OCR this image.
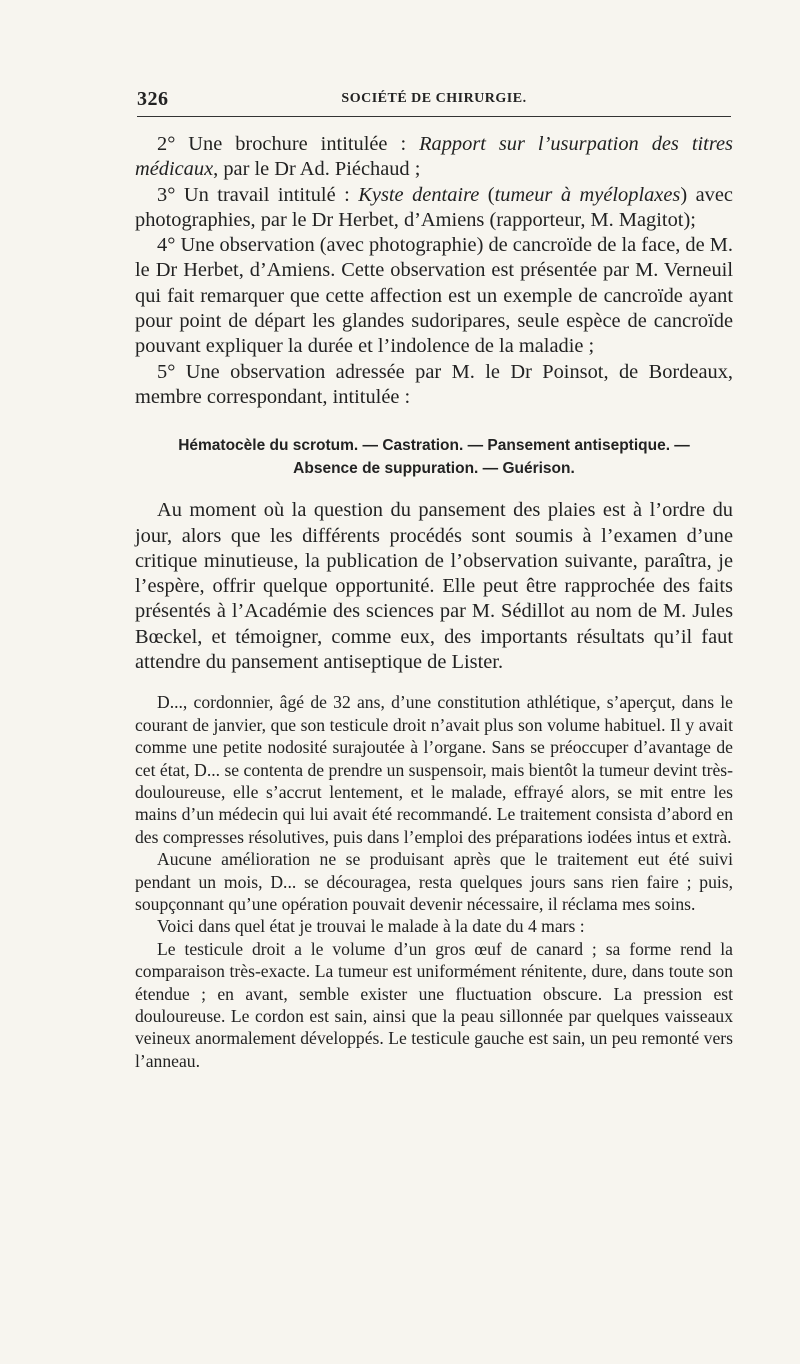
326	SOCIÉTÉ DE CHIRURGIE.

2° Une brochure intitulée : Rapport sur l’usurpation des titres médicaux, par le Dr Ad. Piéchaud ;

3° Un travail intitulé : Kyste dentaire (tumeur à myéloplaxes) avec photographies, par le Dr Herbet, d’Amiens (rapporteur, M. Magitot);

4° Une observation (avec photographie) de cancroïde de la face, de M. le Dr Herbet, d’Amiens. Cette observation est présentée par M. Verneuil qui fait remarquer que cette affection est un exemple de cancroïde ayant pour point de départ les glandes sudoripares, seule espèce de cancroïde pouvant expliquer la durée et l’indolence de la maladie ;

5° Une observation adressée par M. le Dr Poinsot, de Bordeaux, membre correspondant, intitulée :

Hématocèle du scrotum. — Castration. — Pansement antiseptique. —
Absence de suppuration. — Guérison.

Au moment où la question du pansement des plaies est à l’ordre du jour, alors que les différents procédés sont soumis à l’examen d’une critique minutieuse, la publication de l’observation suivante, paraîtra, je l’espère, offrir quelque opportunité. Elle peut être rapprochée des faits présentés à l’Académie des sciences par M. Sédillot au nom de M. Jules Bœckel, et témoigner, comme eux, des importants résultats qu’il faut attendre du pansement antiseptique de Lister.

D..., cordonnier, âgé de 32 ans, d’une constitution athlétique, s’aperçut, dans le courant de janvier, que son testicule droit n’avait plus son volume habituel. Il y avait comme une petite nodosité surajoutée à l’organe. Sans se préoccuper d’avantage de cet état, D... se contenta de prendre un suspensoir, mais bientôt la tumeur devint très-douloureuse, elle s’accrut lentement, et le malade, effrayé alors, se mit entre les mains d’un médecin qui lui avait été recommandé. Le traitement consista d’abord en des compresses résolutives, puis dans l’emploi des préparations iodées intus et extrà.

Aucune amélioration ne se produisant après que le traitement eut été suivi pendant un mois, D... se découragea, resta quelques jours sans rien faire ; puis, soupçonnant qu’une opération pouvait devenir nécessaire, il réclama mes soins.

Voici dans quel état je trouvai le malade à la date du 4 mars :

Le testicule droit a le volume d’un gros œuf de canard ; sa forme rend la comparaison très-exacte. La tumeur est uniformément rénitente, dure, dans toute son étendue ; en avant, semble exister une fluctuation obscure. La pression est douloureuse. Le cordon est sain, ainsi que la peau sillonnée par quelques vaisseaux veineux anormalement développés. Le testicule gauche est sain, un peu remonté vers l’anneau.
